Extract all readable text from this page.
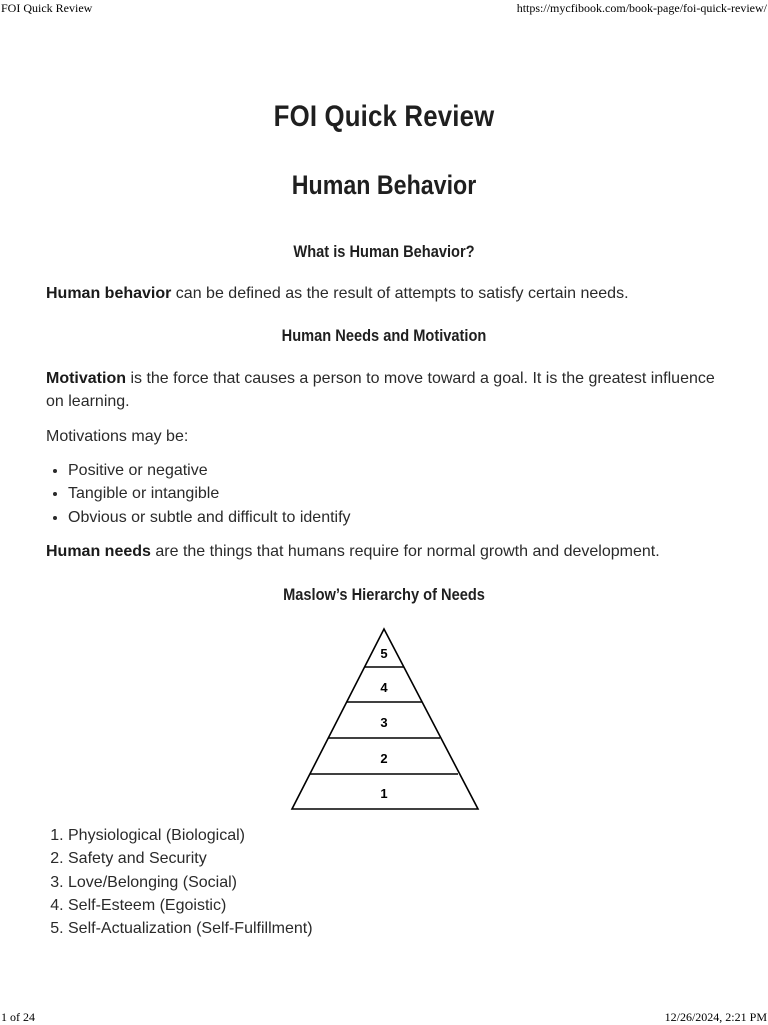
FOI Quick Review	https://mycfibook.com/book-page/foi-quick-review/
FOI Quick Review
Human Behavior
What is Human Behavior?
Human behavior can be defined as the result of attempts to satisfy certain needs.
Human Needs and Motivation
Motivation is the force that causes a person to move toward a goal. It is the greatest influence on learning.
Motivations may be:
• Positive or negative
• Tangible or intangible
• Obvious or subtle and difficult to identify
Human needs are the things that humans require for normal growth and development.
Maslow’s Hierarchy of Needs
1. Physiological (Biological)
2. Safety and Security
3. Love/Belonging (Social)
4. Self-Esteem (Egoistic)
5. Self-Actualization (Self-Fulfillment)
1
2
3
4
5
1 of 24	12/26/2024, 2:21 PM
